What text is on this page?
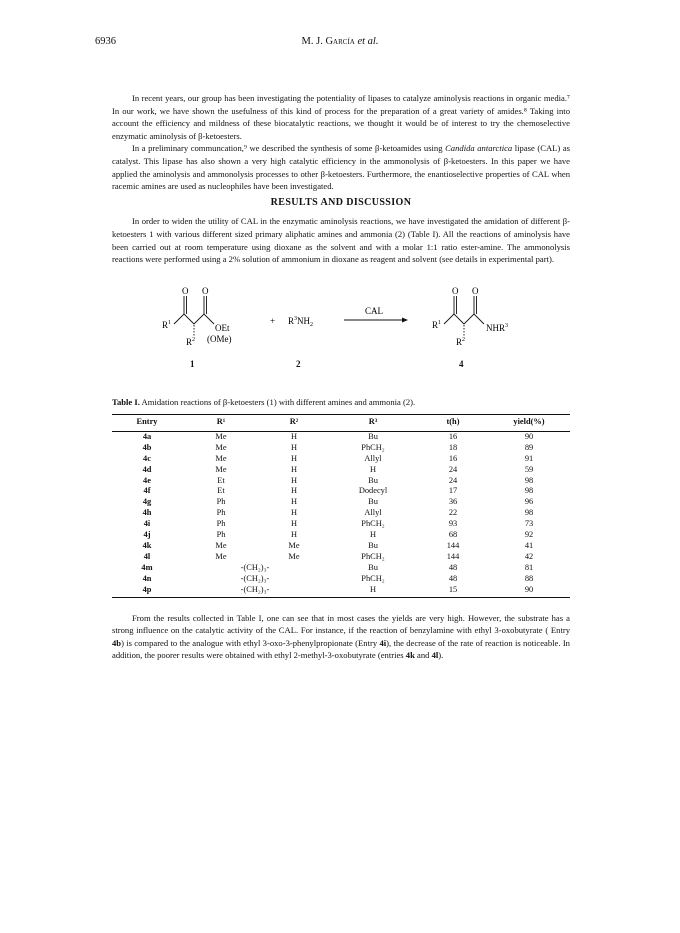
6936	M. J. García et al.

In recent years, our group has been investigating the potentiality of lipases to catalyze aminolysis reactions in organic media.⁷ In our work, we have shown the usefulness of this kind of process for the preparation of a great variety of amides.⁸ Taking into account the efficiency and mildness of these biocatalytic reactions, we thought it would be of interest to try the chemoselective enzymatic aminolysis of β-ketoesters.

In a preliminary communcation,⁹ we described the synthesis of some β-ketoamides using Candida antarctica lipase (CAL) as catalyst. This lipase has also shown a very high catalytic efficiency in the ammonolysis of β-ketoesters. In this paper we have applied the aminolysis and ammonolysis processes to other β-ketoesters. Furthermore, the enantioselective properties of CAL when racemic amines are used as nucleophiles have been investigated.

RESULTS AND DISCUSSION

In order to widen the utility of CAL in the enzymatic aminolysis reactions, we have investigated the amidation of different β-ketoesters 1 with various different sized primary aliphatic amines and ammonia (2) (Table I). All the reactions of aminolysis have been carried out at room temperature using dioxane as the solvent and with a molar 1:1 ratio ester-amine. The ammonolysis reactions were performed using a 2% solution of ammonium in dioxane as reagent and solvent (see details in experimental part).

O O
$R^1$	OEt
$R^2$ (OMe)
+ $R^3NH_2$
CAL
O O
$R^1$	NHR$^3$
$R^2$
1	2	4

Table I. Amidation reactions of β-ketoesters (1) with different amines and ammonia (2).

Entry	R¹	R²	R³	t(h)	yield(%)
4a	Me	H	Bu	16	90
4b	Me	H	PhCH₂	18	89
4c	Me	H	Allyl	16	91
4d	Me	H	H	24	59
4e	Et	H	Bu	24	98
4f	Et	H	Dodecyl	17	98
4g	Ph	H	Bu	36	96
4h	Ph	H	Allyl	22	98
4i	Ph	H	PhCH₂	93	73
4j	Ph	H	H	68	92
4k	Me	Me	Bu	144	41
4l	Me	Me	PhCH₂	144	42
4m	-(CH₂)₃-		Bu	48	81
4n	-(CH₂)₃-		PhCH₂	48	88
4p	-(CH₂)₃-		H	15	90

From the results collected in Table I, one can see that in most cases the yields are very high. However, the substrate has a strong influence on the catalytic activity of the CAL. For instance, if the reaction of benzylamine with ethyl 3-oxobutyrate ( Entry 4b) is compared to the analogue with ethyl 3-oxo-3-phenylpropionate (Entry 4i), the decrease of the rate of reaction is noticeable. In addition, the poorer results were obtained with ethyl 2-methyl-3-oxobutyrate (entries 4k and 4l).
